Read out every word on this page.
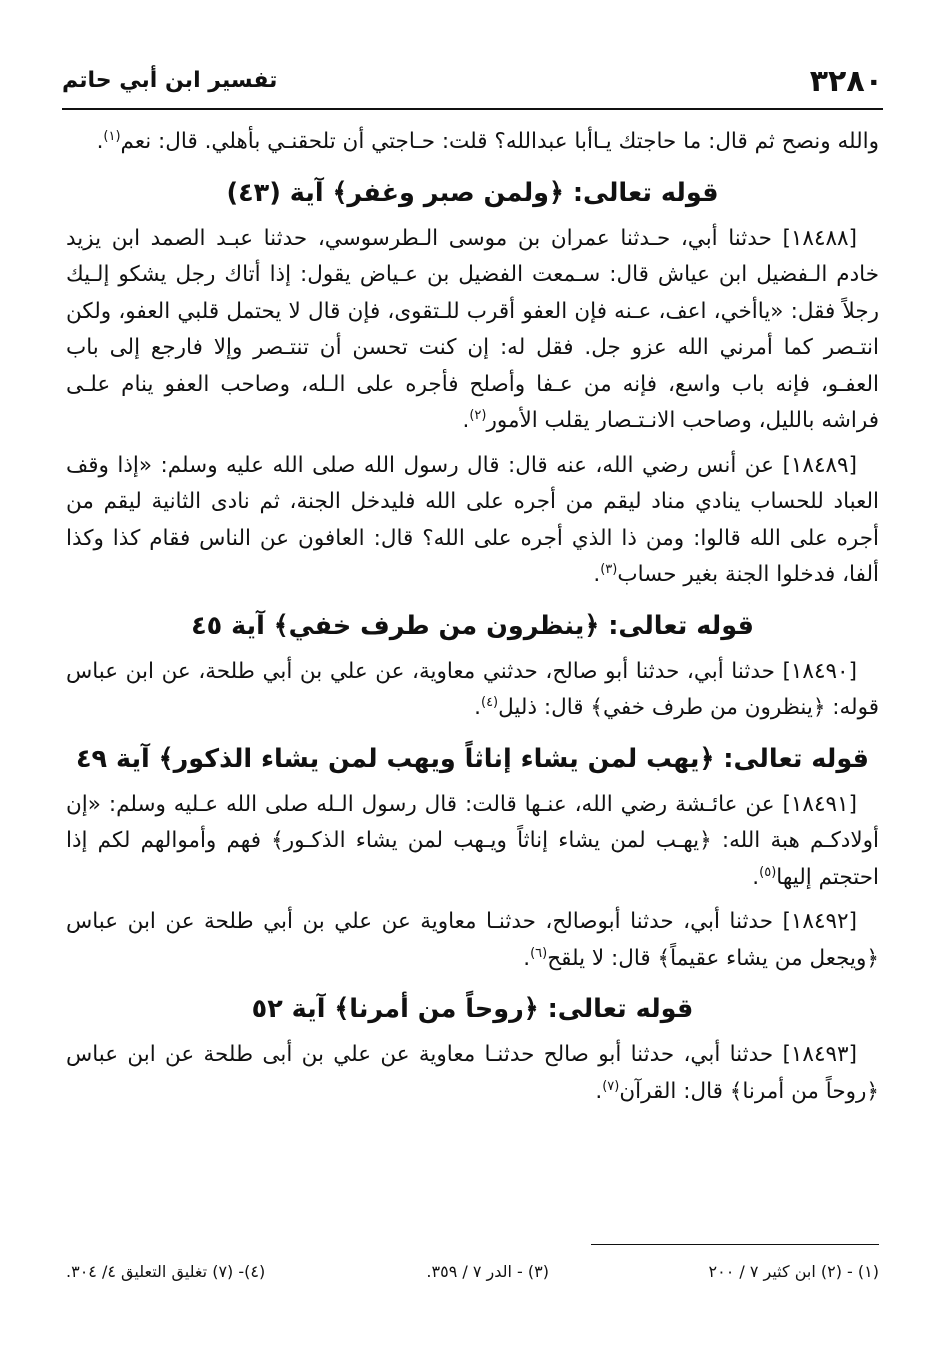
٣٢٨٠
تفسير ابن أبي حاتم

والله ونصح ثم قال: ما حاجتك يـاأبا عبدالله؟ قلت: حـاجتي أن تلحقنـي بأهلي. قال: نعم$^{(١)}$.

قوله تعالى: ﴿ولمن صبر وغفر﴾ آية (٤٣)

[١٨٤٨٨] حدثنا أبي، حـدثنا عمران بن موسى الـطرسوسي، حدثنا عبـد الصمد ابن يزيد خادم الـفضيل ابن عياش قال: سـمعت الفضيل بن عـياض يقول: إذا أتاك رجل يشكو إلـيك رجلاً فقل: «ياأخي، اعف، عـنه فإن العفو أقرب للـتقوى، فإن قال لا يحتمل قلبي العفو، ولكن انتـصر كما أمرني الله عزو جل. فقل له: إن كنت تحسن أن تنتـصر وإلا فارجع إلى باب العفـو، فإنه باب واسع، فإنه من عـفا وأصلح فأجره على الـله، وصاحب العفو ينام علـى فراشه بالليل، وصاحب الانـتـصار يقلب الأمور$^{(٢)}$.

[١٨٤٨٩] عن أنس رضي الله، عنه قال: قال رسول الله صلى الله عليه وسلم: «إذا وقف العباد للحساب ينادي مناد ليقم من أجره على الله فليدخل الجنة، ثم نادى الثانية ليقم من أجره على الله قالوا: ومن ذا الذي أجره على الله؟ قال: العافون عن الناس فقام كذا وكذا ألفا، فدخلوا الجنة بغير حساب$^{(٣)}$.

قوله تعالى: ﴿ينظرون من طرف خفي﴾ آية ٤٥

[١٨٤٩٠] حدثنا أبي، حدثنا أبو صالح، حدثني معاوية، عن علي بن أبي طلحة، عن ابن عباس قوله: ﴿ينظرون من طرف خفي﴾ قال: ذليل$^{(٤)}$.

قوله تعالى: ﴿يهب لمن يشاء إناثاً ويهب لمن يشاء الذكور﴾ آية ٤٩

[١٨٤٩١] عن عائـشة رضي الله، عنـها قالت: قال رسول الـله صلى الله عـليه وسلم: «إن أولادكـم هبة الله: ﴿يهـب لمن يشاء إناثاً ويـهب لمن يشاء الذكـور﴾ فهم وأموالهم لكم إذا احتجتم إليها$^{(٥)}$.

[١٨٤٩٢] حدثنا أبي، حدثنا أبوصالح، حدثنـا معاوية عن علي بن أبي طلحة عن ابن عباس ﴿ويجعل من يشاء عقيماً﴾ قال: لا يلقح$^{(٦)}$.

قوله تعالى: ﴿روحاً من أمرنا﴾ آية ٥٢

[١٨٤٩٣] حدثنا أبي، حدثنا أبو صالح حدثنـا معاوية عن علي بن أبى طلحة عن ابن عباس ﴿روحاً من أمرنا﴾ قال: القرآن$^{(٧)}$.

(١) - (٢) ابن كثير ٧ / ٢٠٠
(٣) - الدر ٧ / ٣٥٩.
(٤)- (٧) تغليق التعليق ٤/ ٣٠٤.
